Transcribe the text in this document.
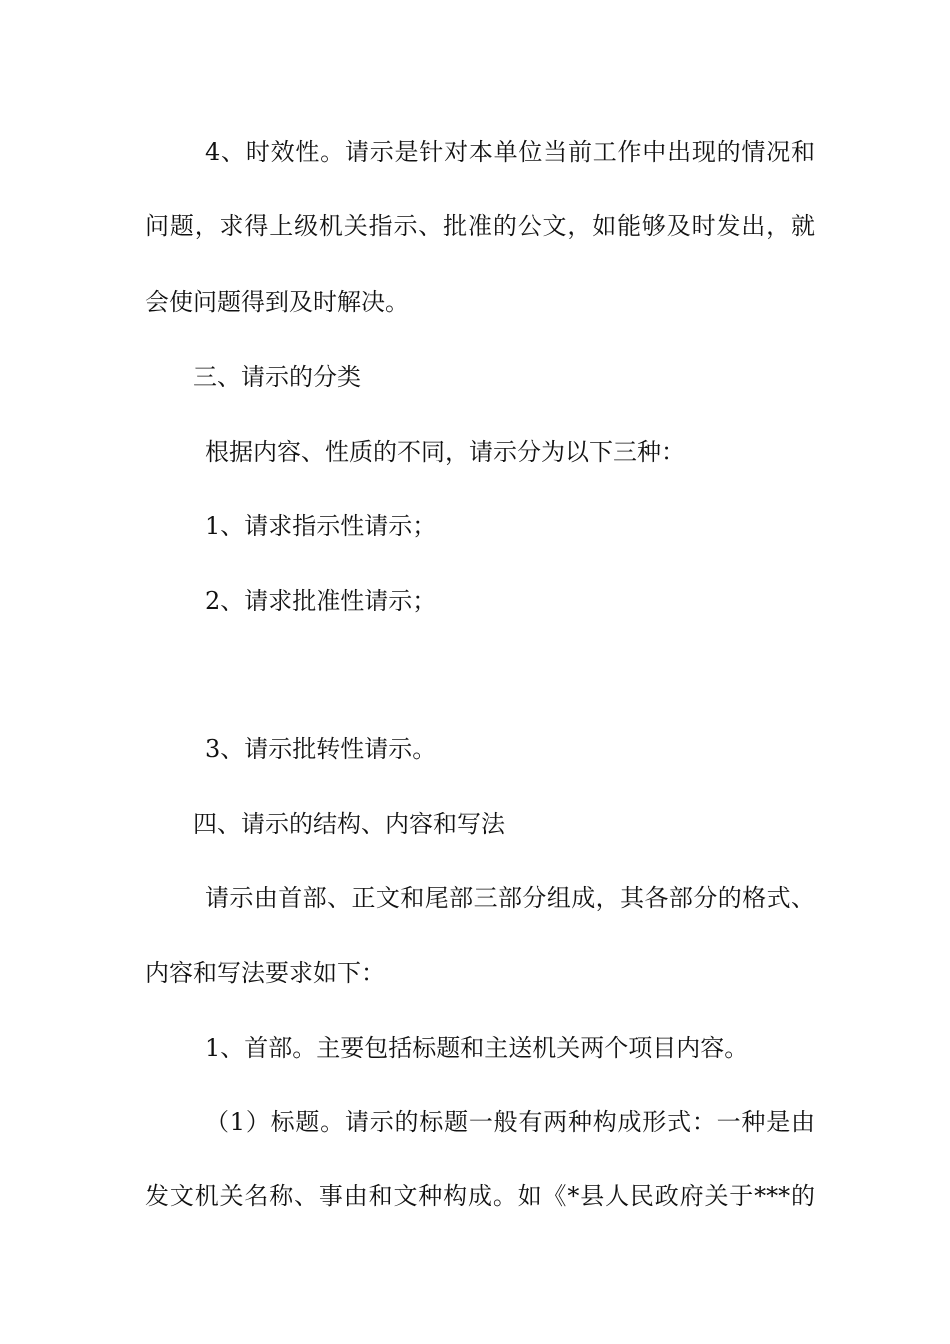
4、时效性。请示是针对本单位当前工作中出现的情况和
问题，求得上级机关指示、批准的公文，如能够及时发出，就
会使问题得到及时解决。
三、请示的分类
根据内容、性质的不同，请示分为以下三种：
1、请求指示性请示；
2、请求批准性请示；
3、请示批转性请示。
四、请示的结构、内容和写法
请示由首部、正文和尾部三部分组成，其各部分的格式、
内容和写法要求如下：
1、首部。主要包括标题和主送机关两个项目内容。
（1）标题。请示的标题一般有两种构成形式：一种是由
发文机关名称、事由和文种构成。如《*县人民政府关于***的
